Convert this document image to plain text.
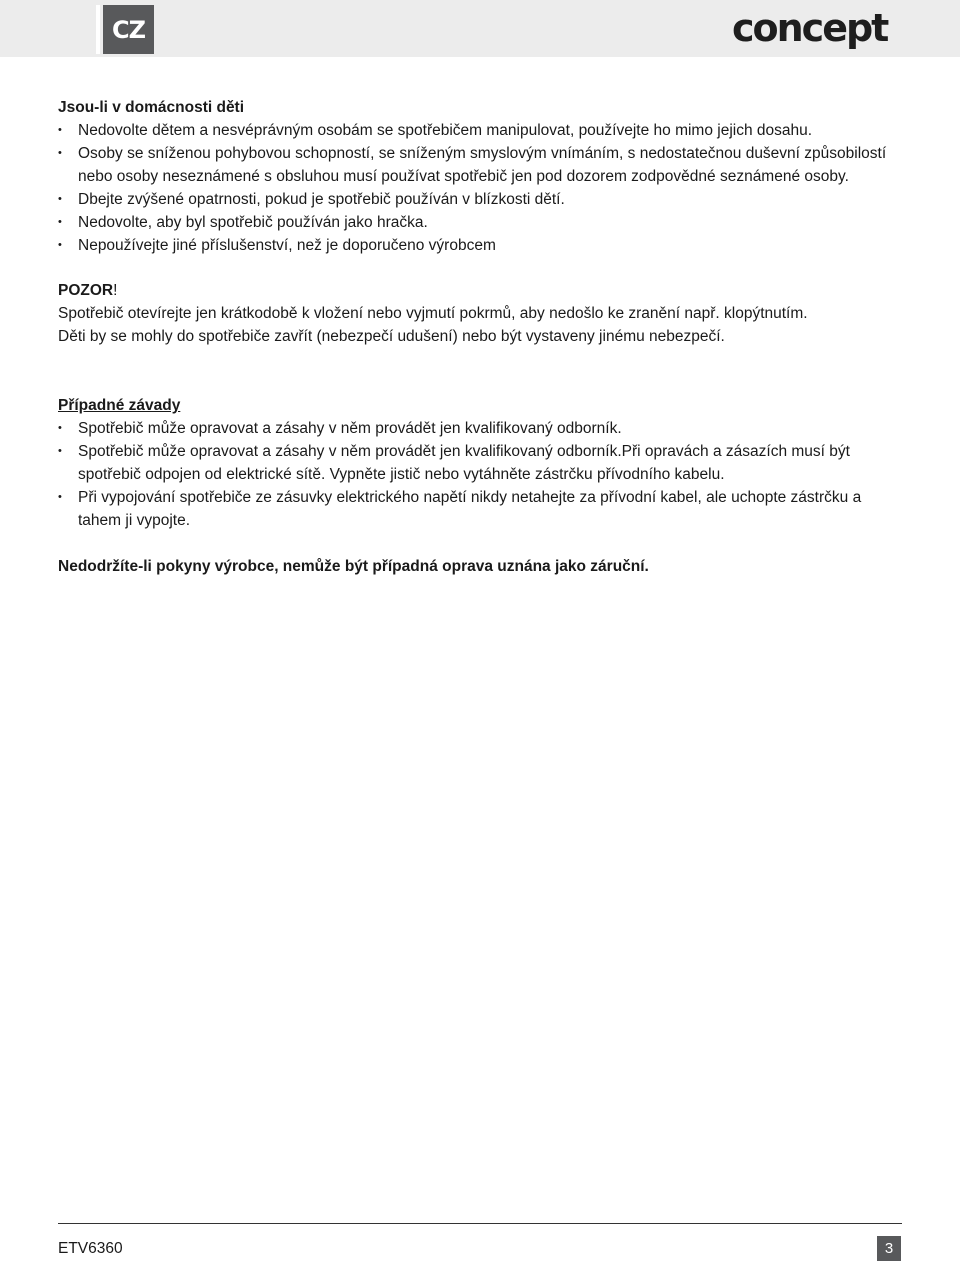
CZ	concept

Jsou-li v domácnosti děti

• Nedovolte dětem a nesvéprávným osobám se spotřebičem manipulovat, používejte ho mimo jejich dosahu.
• Osoby se sníženou pohybovou schopností, se sníženým smyslovým vnímáním, s nedostatečnou duševní způsobilostí nebo osoby neseznámené s obsluhou musí používat spotřebič jen pod dozorem zodpovědné seznámené osoby.
• Dbejte zvýšené opatrnosti, pokud je spotřebič používán v blízkosti dětí.
• Nedovolte, aby byl spotřebič používán jako hračka.
• Nepoužívejte jiné příslušenství, než je doporučeno výrobcem

POZOR!

Spotřebič otevírejte jen krátkodobě k vložení nebo vyjmutí pokrmů, aby nedošlo ke zranění např. klopýtnutím.

Děti by se mohly do spotřebiče zavřít (nebezpečí udušení) nebo být vystaveny jinému nebezpečí.

Případné závady

• Spotřebič může opravovat a zásahy v něm provádět jen kvalifikovaný odborník.
• Spotřebič může opravovat a zásahy v něm provádět jen kvalifikovaný odborník.Při opravách a zásazích musí být spotřebič odpojen od elektrické sítě. Vypněte jistič nebo vytáhněte zástrčku přívodního kabelu.
• Při vypojování spotřebiče ze zásuvky elektrického napětí nikdy netahejte za přívodní kabel, ale uchopte zástrčku a tahem ji vypojte.

Nedodržíte-li pokyny výrobce, nemůže být případná oprava uznána jako záruční.

ETV6360	3
